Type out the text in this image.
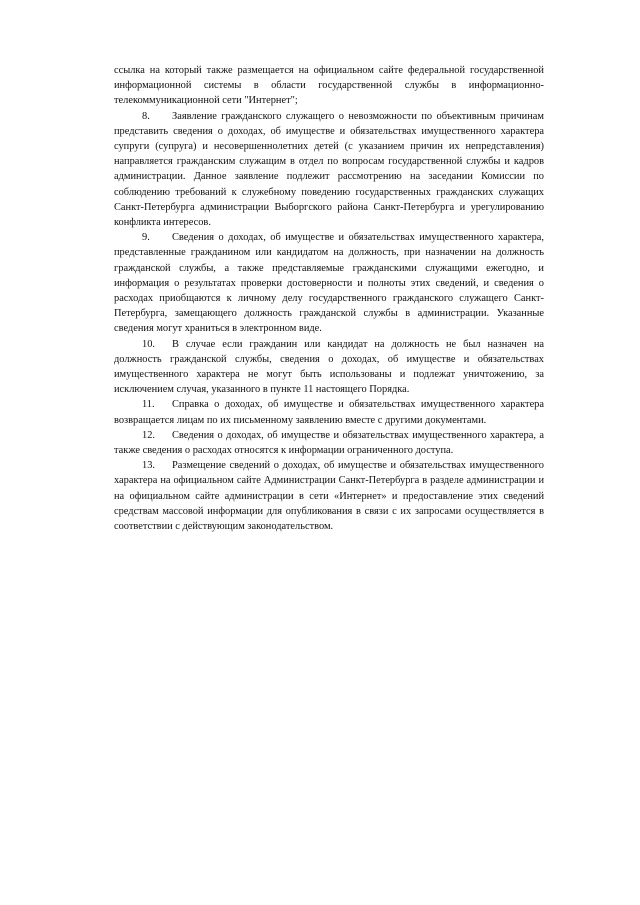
ссылка на который также размещается на официальном сайте федеральной государственной информационной системы в области государственной службы в информационно-телекоммуникационной сети "Интернет";

8. Заявление гражданского служащего о невозможности по объективным причинам представить сведения о доходах, об имуществе и обязательствах имущественного характера супруги (супруга) и несовершеннолетних детей (с указанием причин их непредставления) направляется гражданским служащим в отдел по вопросам государственной службы и кадров администрации. Данное заявление подлежит рассмотрению на заседании Комиссии по соблюдению требований к служебному поведению государственных гражданских служащих Санкт-Петербурга администрации Выборгского района Санкт-Петербурга и урегулированию конфликта интересов.

9. Сведения о доходах, об имуществе и обязательствах имущественного характера, представленные гражданином или кандидатом на должность, при назначении на должность гражданской службы, а также представляемые гражданскими служащими ежегодно, и информация о результатах проверки достоверности и полноты этих сведений, и сведения о расходах приобщаются к личному делу государственного гражданского служащего Санкт-Петербурга, замещающего должность гражданской службы в администрации. Указанные сведения могут храниться в электронном виде.

10. В случае если гражданин или кандидат на должность не был назначен на должность гражданской службы, сведения о доходах, об имуществе и обязательствах имущественного характера не могут быть использованы и подлежат уничтожению, за исключением случая, указанного в пункте 11 настоящего Порядка.

11. Справка о доходах, об имуществе и обязательствах имущественного характера возвращается лицам по их письменному заявлению вместе с другими документами.

12. Сведения о доходах, об имуществе и обязательствах имущественного характера, а также сведения о расходах относятся к информации ограниченного доступа.

13. Размещение сведений о доходах, об имуществе и обязательствах имущественного характера на официальном сайте Администрации Санкт-Петербурга в разделе администрации и на официальном сайте администрации в сети «Интернет» и предоставление этих сведений средствам массовой информации для опубликования в связи с их запросами осуществляется в соответствии с действующим законодательством.
